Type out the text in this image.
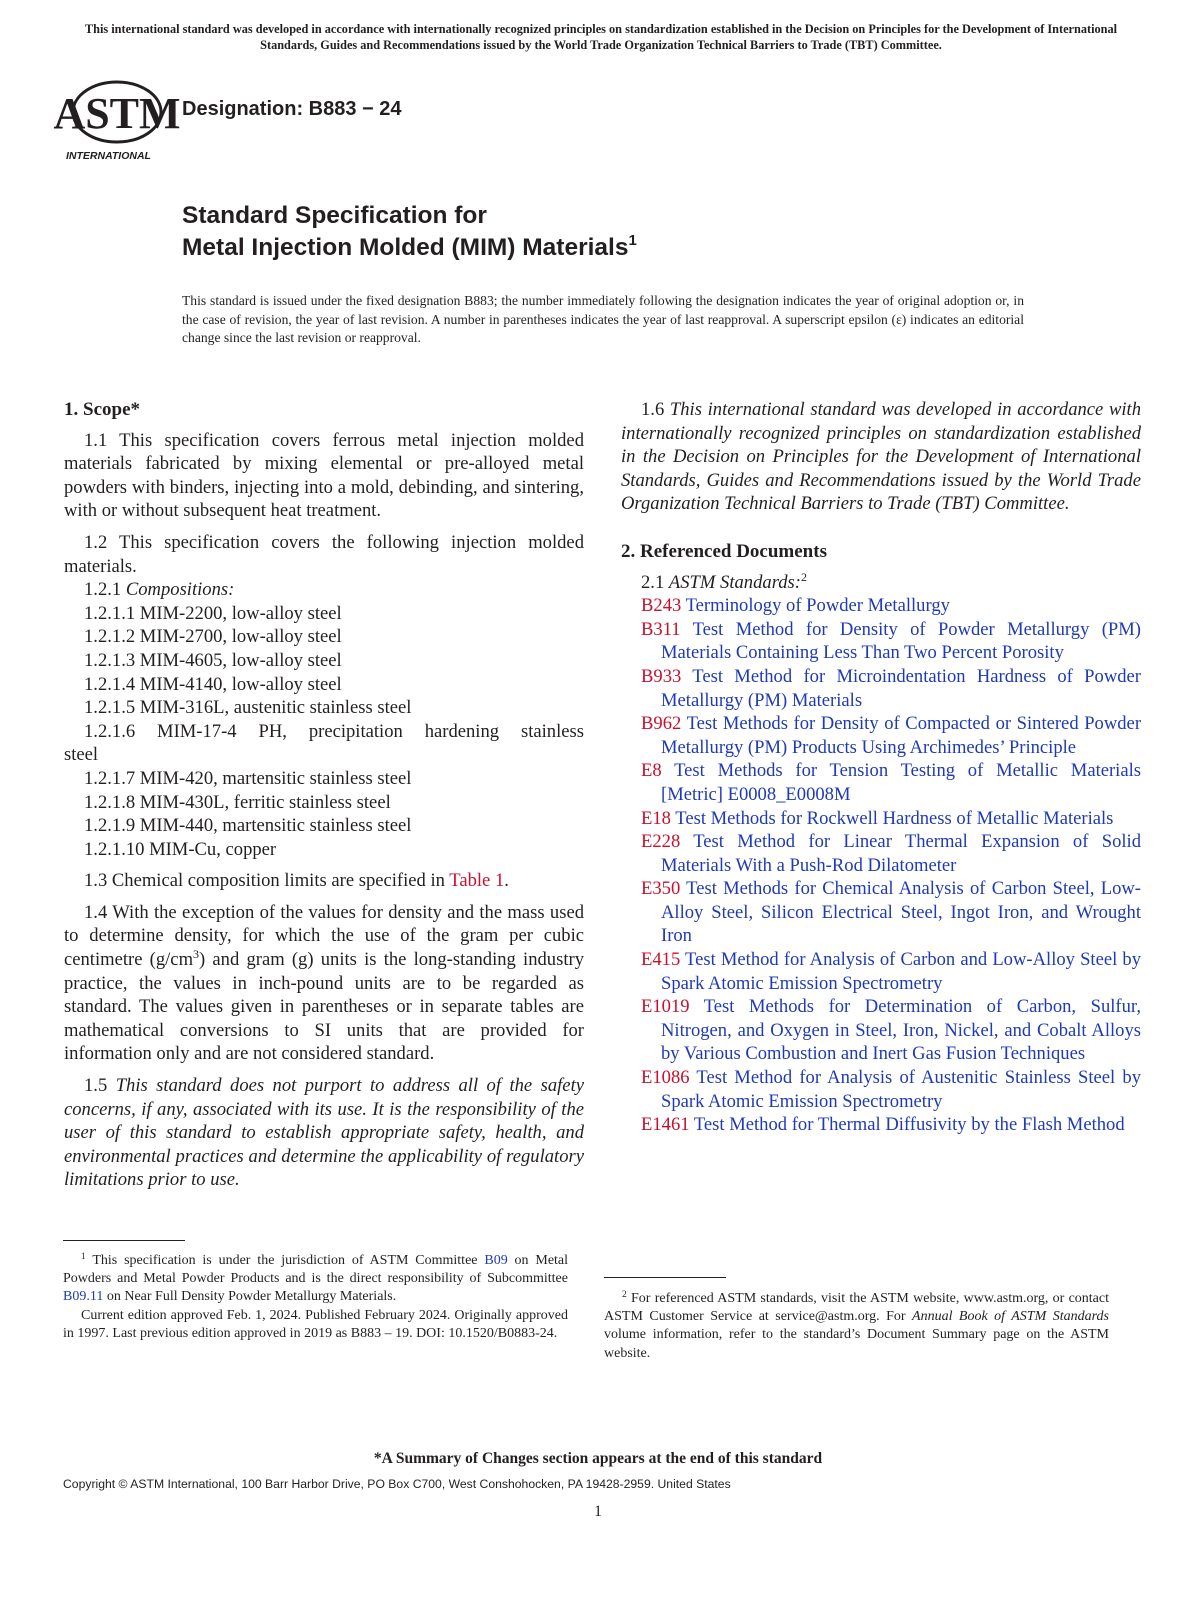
This international standard was developed in accordance with internationally recognized principles on standardization established in the Decision on Principles for the Development of International Standards, Guides and Recommendations issued by the World Trade Organization Technical Barriers to Trade (TBT) Committee.
ASTM
INTERNATIONAL
Designation: B883 − 24
Standard Specification for
Metal Injection Molded (MIM) Materials$^1$
This standard is issued under the fixed designation B883; the number immediately following the designation indicates the year of original adoption or, in the case of revision, the year of last revision. A number in parentheses indicates the year of last reapproval. A superscript epsilon (ε) indicates an editorial change since the last revision or reapproval.
1. Scope*
1.1 This specification covers ferrous metal injection molded materials fabricated by mixing elemental or pre-alloyed metal powders with binders, injecting into a mold, debinding, and sintering, with or without subsequent heat treatment.
1.2 This specification covers the following injection molded materials.
1.2.1 Compositions:
1.2.1.1 MIM-2200, low-alloy steel
1.2.1.2 MIM-2700, low-alloy steel
1.2.1.3 MIM-4605, low-alloy steel
1.2.1.4 MIM-4140, low-alloy steel
1.2.1.5 MIM-316L, austenitic stainless steel
1.2.1.6 MIM-17-4 PH, precipitation hardening stainless
steel
1.2.1.7 MIM-420, martensitic stainless steel
1.2.1.8 MIM-430L, ferritic stainless steel
1.2.1.9 MIM-440, martensitic stainless steel
1.2.1.10 MIM-Cu, copper
1.3 Chemical composition limits are specified in Table 1.
1.4 With the exception of the values for density and the mass used to determine density, for which the use of the gram per cubic centimetre $(g/cm^3)$ and gram (g) units is the long-standing industry practice, the values in inch-pound units are to be regarded as standard. The values given in parentheses or in separate tables are mathematical conversions to SI units that are provided for information only and are not considered standard.
1.5 This standard does not purport to address all of the safety concerns, if any, associated with its use. It is the responsibility of the user of this standard to establish appropriate safety, health, and environmental practices and determine the applicability of regulatory limitations prior to use.
1.6 This international standard was developed in accordance with internationally recognized principles on standardization established in the Decision on Principles for the Development of International Standards, Guides and Recommendations issued by the World Trade Organization Technical Barriers to Trade (TBT) Committee.
2. Referenced Documents
2.1 ASTM Standards:$^2$
B243 Terminology of Powder Metallurgy
B311 Test Method for Density of Powder Metallurgy (PM) Materials Containing Less Than Two Percent Porosity
B933 Test Method for Microindentation Hardness of Powder Metallurgy (PM) Materials
B962 Test Methods for Density of Compacted or Sintered Powder Metallurgy (PM) Products Using Archimedes’ Principle
E8 Test Methods for Tension Testing of Metallic Materials [Metric] E0008_E0008M
E18 Test Methods for Rockwell Hardness of Metallic Materials
E228 Test Method for Linear Thermal Expansion of Solid Materials With a Push-Rod Dilatometer
E350 Test Methods for Chemical Analysis of Carbon Steel, Low-Alloy Steel, Silicon Electrical Steel, Ingot Iron, and Wrought Iron
E415 Test Method for Analysis of Carbon and Low-Alloy Steel by Spark Atomic Emission Spectrometry
E1019 Test Methods for Determination of Carbon, Sulfur, Nitrogen, and Oxygen in Steel, Iron, Nickel, and Cobalt Alloys by Various Combustion and Inert Gas Fusion Techniques
E1086 Test Method for Analysis of Austenitic Stainless Steel by Spark Atomic Emission Spectrometry
E1461 Test Method for Thermal Diffusivity by the Flash Method

$^1$ This specification is under the jurisdiction of ASTM Committee B09 on Metal Powders and Metal Powder Products and is the direct responsibility of Subcommittee B09.11 on Near Full Density Powder Metallurgy Materials.

Current edition approved Feb. 1, 2024. Published February 2024. Originally approved in 1997. Last previous edition approved in 2019 as B883 – 19. DOI: 10.1520/B0883-24.

$^2$ For referenced ASTM standards, visit the ASTM website, www.astm.org, or contact ASTM Customer Service at service@astm.org. For Annual Book of ASTM Standards volume information, refer to the standard’s Document Summary page on the ASTM website.

*A Summary of Changes section appears at the end of this standard
Copyright © ASTM International, 100 Barr Harbor Drive, PO Box C700, West Conshohocken, PA 19428-2959. United States
1
